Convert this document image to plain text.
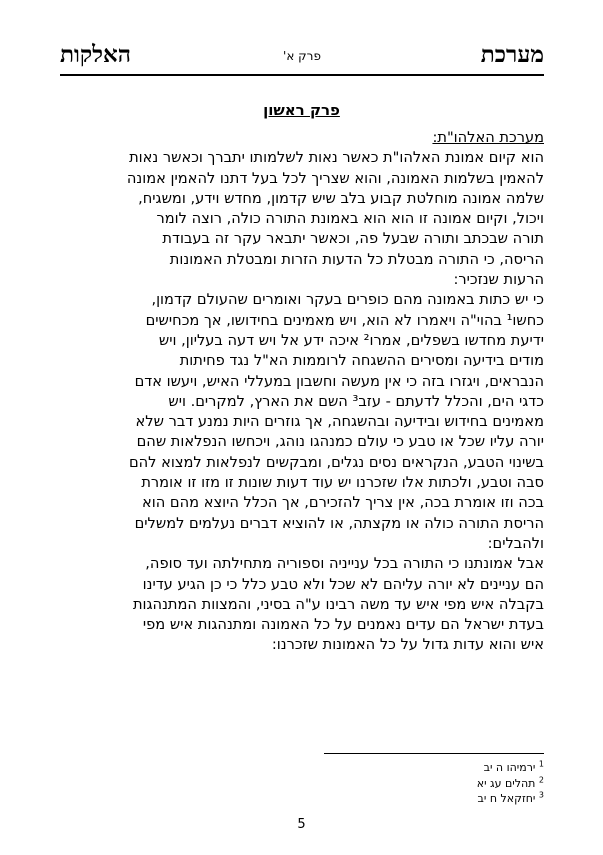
מערכת
פרק א'
האלקות
פרק ראשון
מערכת האלהו"ת:
הוא קיום אמונת האלהו"ת כאשר נאות לשלמותו יתברך וכאשר נאות
להאמין בשלמות האמונה, והוא שצריך לכל בעל דתנו להאמין אמונה
שלמה אמונה מוחלטת קבוע בלב שיש קדמון, מחדש וידע, ומשגיח,
ויכול, וקיום אמונה זו הוא הוא באמונת התורה כולה, רוצה לומר
תורה שבכתב ותורה שבעל פה, וכאשר יתבאר עקר זה בעבודת
הריסה, כי התורה מבטלת כל הדעות הזרות ומבטלת האמונות
הרעות שנזכיר:
כי יש כתות באמונה מהם כופרים בעקר ואומרים שהעולם קדמון,
כחשו¹ בהוי"ה ויאמרו לא הוא, ויש מאמינים בחידושו, אך מכחישים
ידיעת מחדשו בשפלים, אמרו² איכה ידע אל ויש דעה בעליון, ויש
מודים בידיעה ומסירים ההשגחה לרוממות הא"ל נגד פחיתות
הנבראים, ויגזרו בזה כי אין מעשה וחשבון במעללי האיש, ויעשו אדם
כדגי הים, והכלל לדעתם - עזב³ השם את הארץ, למקרים. ויש
מאמינים בחידוש ובידיעה ובהשגחה, אך גוזרים היות נמנע דבר שלא
יורה עליו שכל או טבע כי עולם כמנהגו נוהג, ויכחשו הנפלאות שהם
בשינוי הטבע, הנקראים נסים נגלים, ומבקשים לנפלאות למצוא להם
סבה וטבע, ולכתות אלו שזכרנו יש עוד דעות שונות זו מזו זו אומרת
בכה וזו אומרת בכה, אין צריך להזכירם, אך הכלל היוצא מהם הוא
הריסת התורה כולה או מקצתה, או להוציא דברים נעלמים למשלים
ולהבלים:
אבל אמונתנו כי התורה בכל ענייניה וספוריה מתחילתה ועד סופה,
הם עניינים לא יורה עליהם לא שכל ולא טבע כלל כי כן הגיע עדינו
בקבלה איש מפי איש עד משה רבינו ע"ה בסיני, והמצוות המתנהגות
בעדת ישראל הם עדים נאמנים על כל האמונה ומתנהגות איש מפי
איש והוא עדות גדול על כל האמונות שזכרנו:
$^1$ ירמיהו ה יב
$^2$ תהלים עג יא
$^3$ יחזקאל ח יב
5
